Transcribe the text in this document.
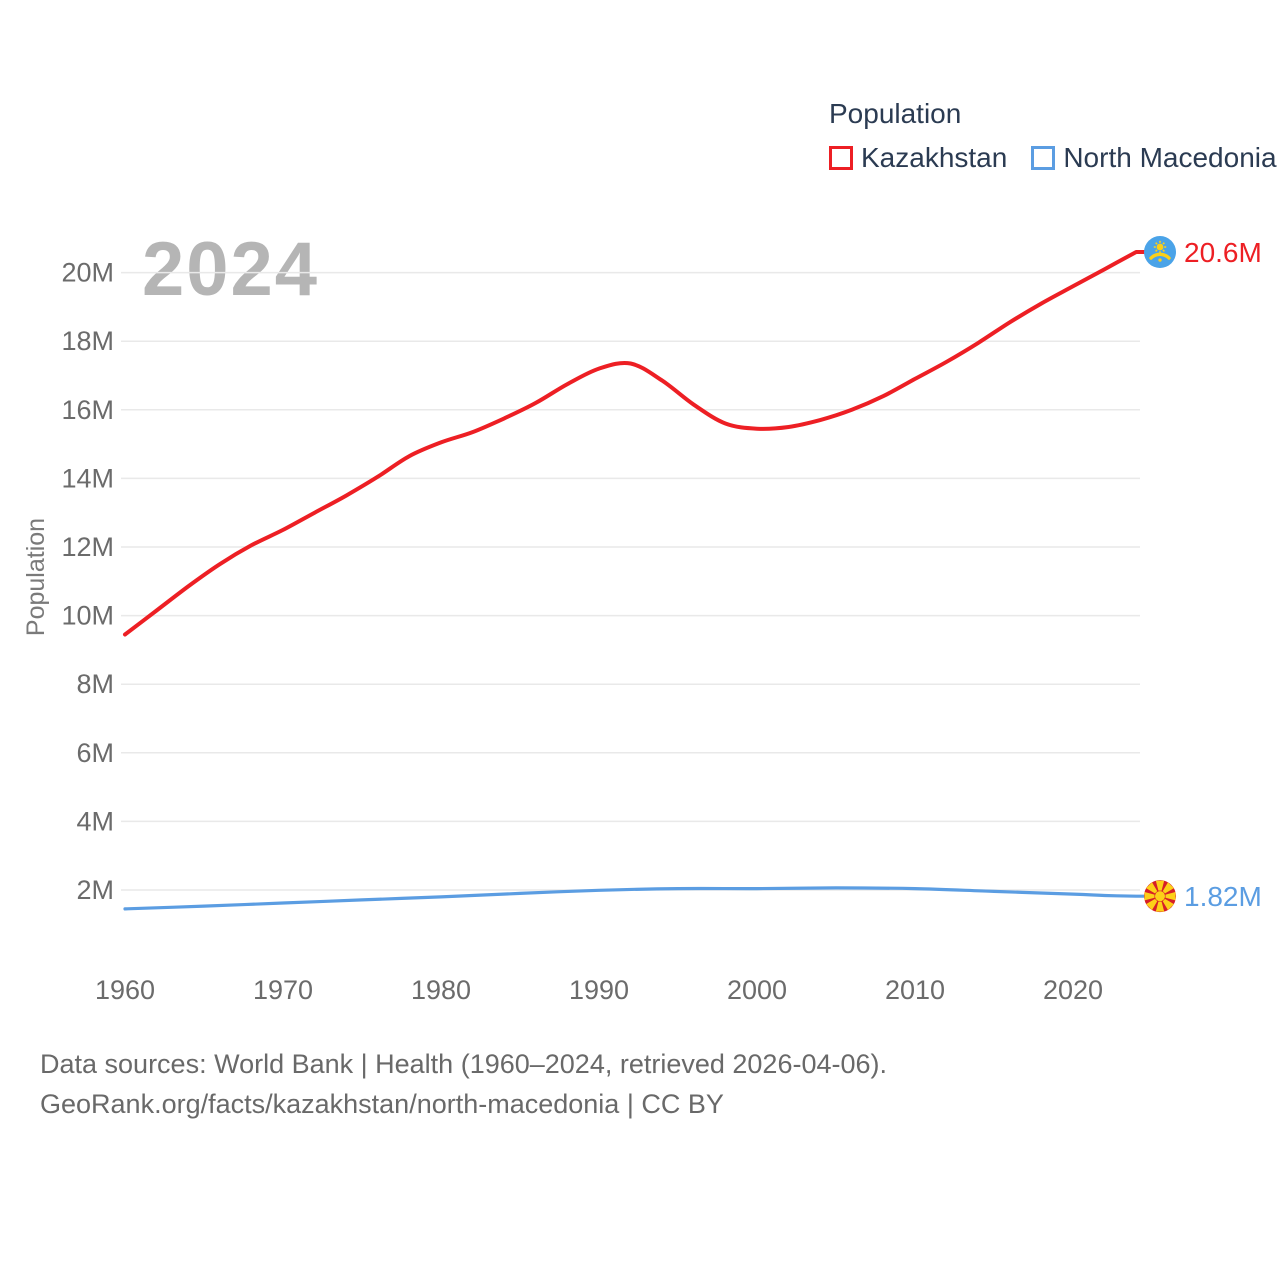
2024
2M
4M
6M
8M
10M
12M
14M
16M
18M
20M
1960	1970	1980	1990	2000	2010	2020
Population
20.6M
1.82M
Population
Kazakhstan North Macedonia
Data sources: World Bank | Health (1960–2024, retrieved 2026-04-06).
GeoRank.org/facts/kazakhstan/north-macedonia | CC BY
